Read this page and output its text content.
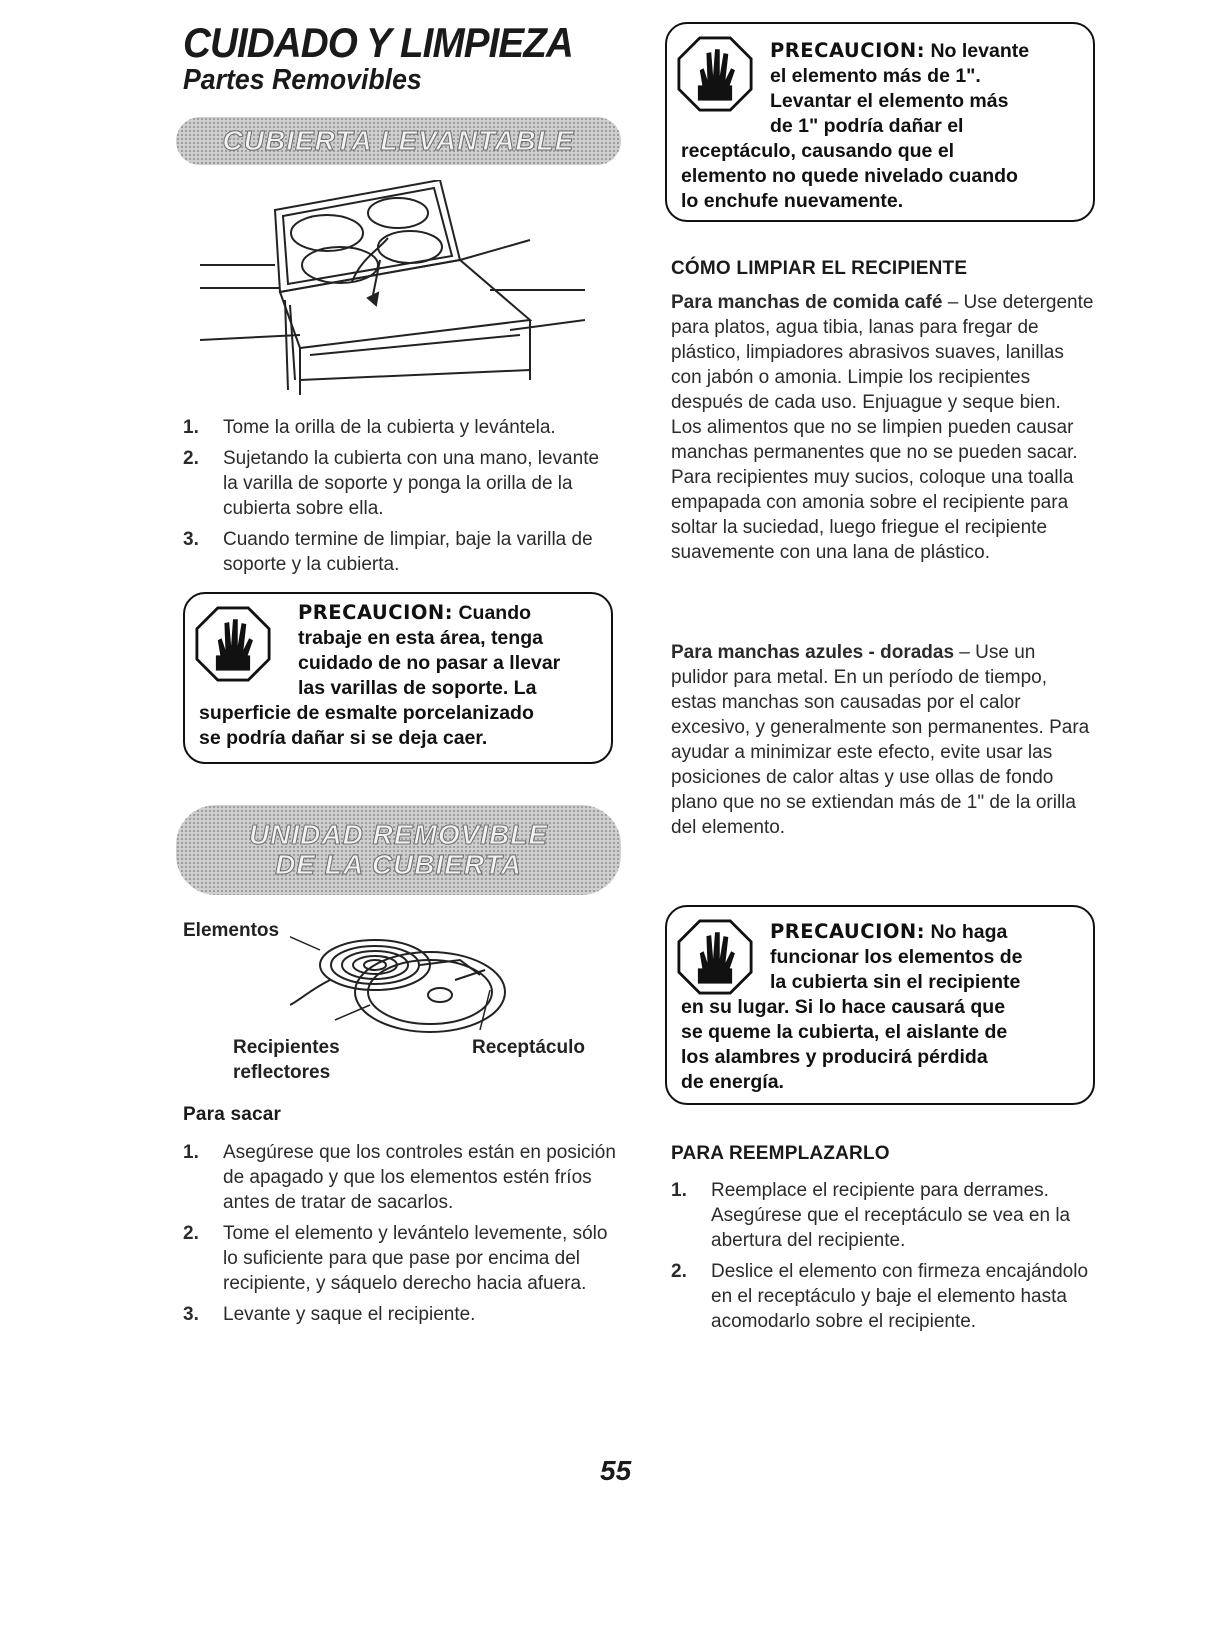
CUIDADO Y LIMPIEZA
Partes Removibles
CUBIERTA LEVANTABLE
1. Tome la orilla de la cubierta y levántela.
2. Sujetando la cubierta con una mano, levante la varilla de soporte y ponga la orilla de la cubierta sobre ella.
3. Cuando termine de limpiar, baje la varilla de soporte y la cubierta.
PRECAUCION: Cuando
trabaje en esta área, tenga
cuidado de no pasar a llevar
las varillas de soporte. La
superficie de esmalte porcelanizado
se podría dañar si se deja caer.
UNIDAD REMOVIBLE
DE LA CUBIERTA
Elementos
Recipientes
reflectores
Receptáculo
Para sacar
1. Asegúrese que los controles están en posición de apagado y que los elementos estén fríos antes de tratar de sacarlos.
2. Tome el elemento y levántelo levemente, sólo lo suficiente para que pase por encima del recipiente, y sáquelo derecho hacia afuera.
3. Levante y saque el recipiente.
PRECAUCION: No levante
el elemento más de 1".
Levantar el elemento más
de 1" podría dañar el
receptáculo, causando que el
elemento no quede nivelado cuando
lo enchufe nuevamente.
CÓMO LIMPIAR EL RECIPIENTE
Para manchas de comida café – Use detergente para platos, agua tibia, lanas para fregar de plástico, limpiadores abrasivos suaves, lanillas con jabón o amonia. Limpie los recipientes después de cada uso. Enjuague y seque bien. Los alimentos que no se limpien pueden causar manchas permanentes que no se pueden sacar. Para recipientes muy sucios, coloque una toalla empapada con amonia sobre el recipiente para soltar la suciedad, luego friegue el recipiente suavemente con una lana de plástico.
Para manchas azules - doradas – Use un pulidor para metal. En un período de tiempo, estas manchas son causadas por el calor excesivo, y generalmente son permanentes. Para ayudar a minimizar este efecto, evite usar las posiciones de calor altas y use ollas de fondo plano que no se extiendan más de 1" de la orilla del elemento.
PRECAUCION: No haga
funcionar los elementos de
la cubierta sin el recipiente
en su lugar. Si lo hace causará que
se queme la cubierta, el aislante de
los alambres y producirá pérdida
de energía.
PARA REEMPLAZARLO
1. Reemplace el recipiente para derrames. Asegúrese que el receptáculo se vea en la abertura del recipiente.
2. Deslice el elemento con firmeza encajándolo en el receptáculo y baje el elemento hasta acomodarlo sobre el recipiente.
55
